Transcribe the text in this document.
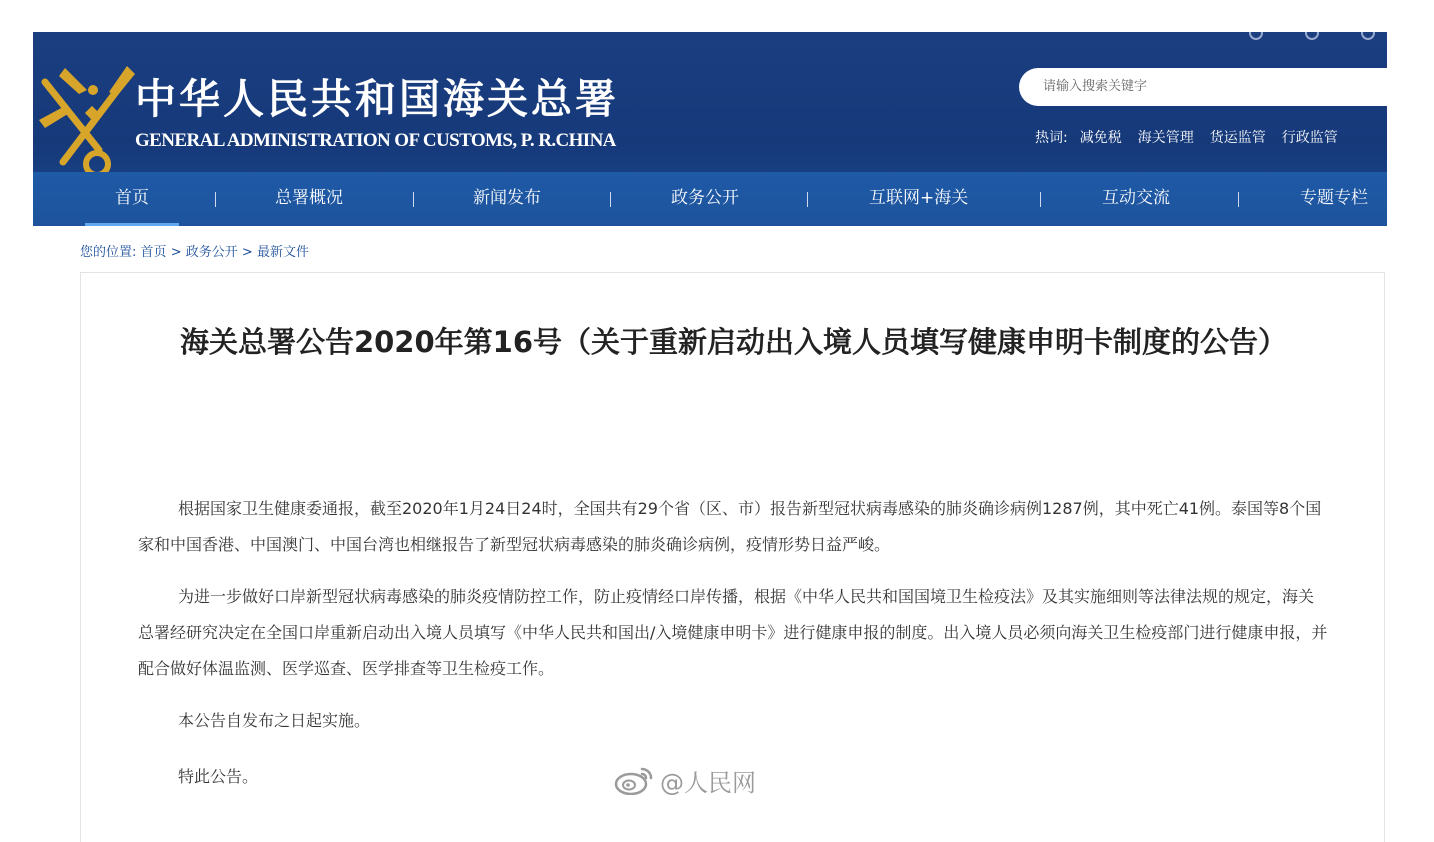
中华人民共和国海关总署
GENERAL ADMINISTRATION OF CUSTOMS, P. R.CHINA
请输入搜索关键字
热词: 减免税 海关管理 货运监管 行政监管
首页	总署概况	新闻发布	政务公开	互联网+海关	互动交流	专题专栏
您的位置: 首页 > 政务公开 > 最新文件
海关总署公告2020年第16号（关于重新启动出入境人员填写健康申明卡制度的公告）

根据国家卫生健康委通报，截至2020年1月24日24时，全国共有29个省（区、市）报告新型冠状病毒感染的肺炎确诊病例1287例，其中死亡41例。泰国等8个国家和中国香港、中国澳门、中国台湾也相继报告了新型冠状病毒感染的肺炎确诊病例，疫情形势日益严峻。

为进一步做好口岸新型冠状病毒感染的肺炎疫情防控工作，防止疫情经口岸传播，根据《中华人民共和国国境卫生检疫法》及其实施细则等法律法规的规定，海关总署经研究决定在全国口岸重新启动出入境人员填写《中华人民共和国出/入境健康申明卡》进行健康申报的制度。出入境人员必须向海关卫生检疫部门进行健康申报，并配合做好体温监测、医学巡查、医学排查等卫生检疫工作。

本公告自发布之日起实施。

特此公告。	@人民网
